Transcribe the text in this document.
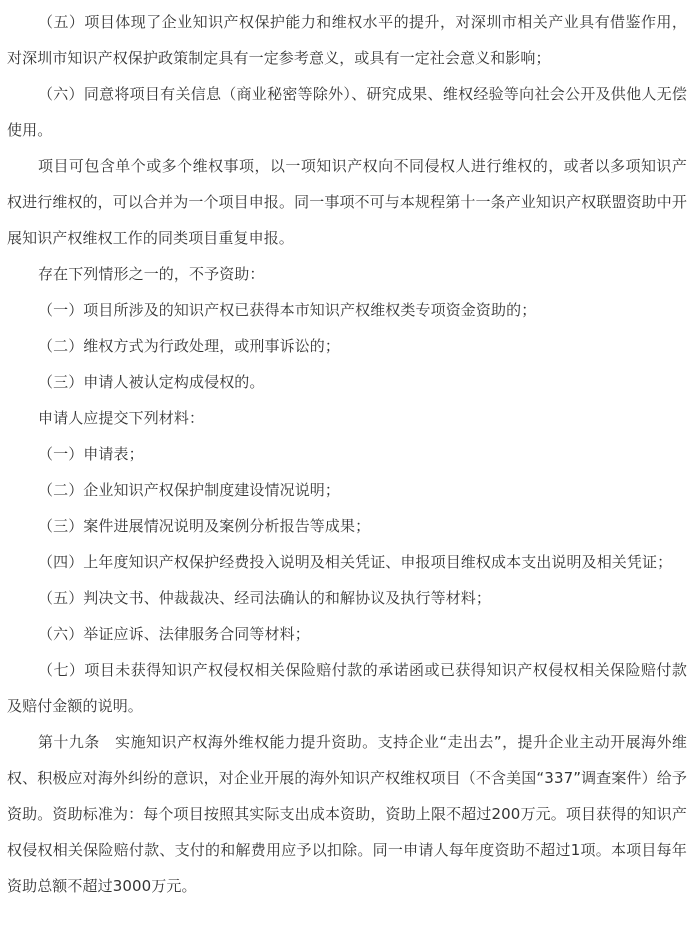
（五）项目体现了企业知识产权保护能力和维权水平的提升，对深圳市相关产业具有借鉴作用，对深圳市知识产权保护政策制定具有一定参考意义，或具有一定社会意义和影响；

（六）同意将项目有关信息（商业秘密等除外）、研究成果、维权经验等向社会公开及供他人无偿使用。

项目可包含单个或多个维权事项，以一项知识产权向不同侵权人进行维权的，或者以多项知识产权进行维权的，可以合并为一个项目申报。同一事项不可与本规程第十一条产业知识产权联盟资助中开展知识产权维权工作的同类项目重复申报。

存在下列情形之一的，不予资助：

（一）项目所涉及的知识产权已获得本市知识产权维权类专项资金资助的；

（二）维权方式为行政处理，或刑事诉讼的；

（三）申请人被认定构成侵权的。

申请人应提交下列材料：

（一）申请表；

（二）企业知识产权保护制度建设情况说明；

（三）案件进展情况说明及案例分析报告等成果；

（四）上年度知识产权保护经费投入说明及相关凭证、申报项目维权成本支出说明及相关凭证；

（五）判决文书、仲裁裁决、经司法确认的和解协议及执行等材料；

（六）举证应诉、法律服务合同等材料；

（七）项目未获得知识产权侵权相关保险赔付款的承诺函或已获得知识产权侵权相关保险赔付款及赔付金额的说明。

第十九条　实施知识产权海外维权能力提升资助。支持企业“走出去”，提升企业主动开展海外维权、积极应对海外纠纷的意识，对企业开展的海外知识产权维权项目（不含美国“337”调查案件）给予资助。资助标准为：每个项目按照其实际支出成本资助，资助上限不超过200万元。项目获得的知识产权侵权相关保险赔付款、支付的和解费用应予以扣除。同一申请人每年度资助不超过1项。本项目每年资助总额不超过3000万元。
